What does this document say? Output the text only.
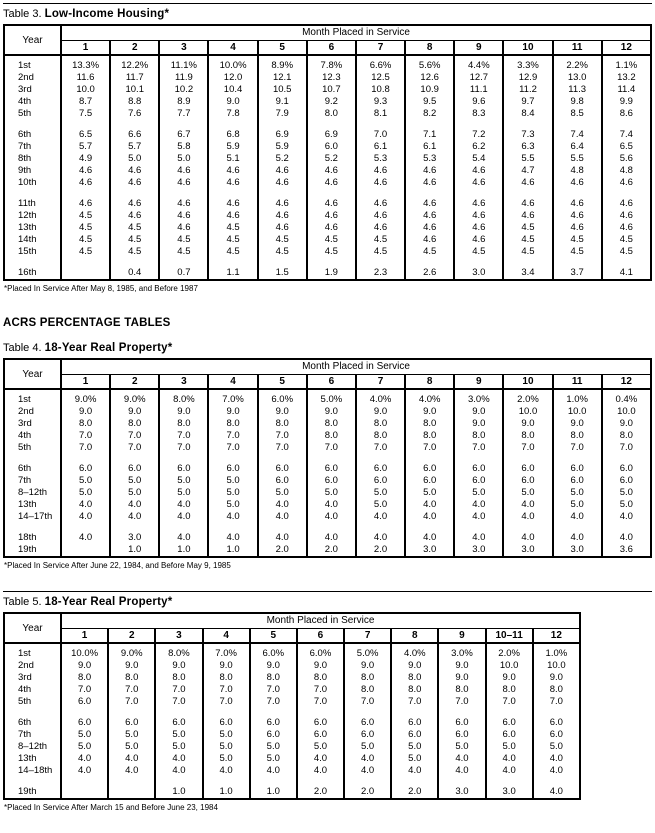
Table 3. Low-Income Housing*

Year	Month Placed in Service											
	1	2	3	4	5	6	7	8	9	10	11	12
1st	13.3%	12.2%	11.1%	10.0%	8.9%	7.8%	6.6%	5.6%	4.4%	3.3%	2.2%	1.1%
2nd	11.6	11.7	11.9	12.0	12.1	12.3	12.5	12.6	12.7	12.9	13.0	13.2
3rd	10.0	10.1	10.2	10.4	10.5	10.7	10.8	10.9	11.1	11.2	11.3	11.4
4th	8.7	8.8	8.9	9.0	9.1	9.2	9.3	9.5	9.6	9.7	9.8	9.9
5th	7.5	7.6	7.7	7.8	7.9	8.0	8.1	8.2	8.3	8.4	8.5	8.6

6th	6.5	6.6	6.7	6.8	6.9	6.9	7.0	7.1	7.2	7.3	7.4	7.4
7th	5.7	5.7	5.8	5.9	5.9	6.0	6.1	6.1	6.2	6.3	6.4	6.5
8th	4.9	5.0	5.0	5.1	5.2	5.2	5.3	5.3	5.4	5.5	5.5	5.6
9th	4.6	4.6	4.6	4.6	4.6	4.6	4.6	4.6	4.6	4.7	4.8	4.8
10th	4.6	4.6	4.6	4.6	4.6	4.6	4.6	4.6	4.6	4.6	4.6	4.6

11th	4.6	4.6	4.6	4.6	4.6	4.6	4.6	4.6	4.6	4.6	4.6	4.6
12th	4.5	4.6	4.6	4.6	4.6	4.6	4.6	4.6	4.6	4.6	4.6	4.6
13th	4.5	4.5	4.6	4.5	4.6	4.6	4.6	4.6	4.6	4.5	4.6	4.6
14th	4.5	4.5	4.5	4.5	4.5	4.5	4.5	4.6	4.6	4.5	4.5	4.5
15th	4.5	4.5	4.5	4.5	4.5	4.5	4.5	4.5	4.5	4.5	4.5	4.5

16th		0.4	0.7	1.1	1.5	1.9	2.3	2.6	3.0	3.4	3.7	4.1

*Placed In Service After May 8, 1985, and Before 1987

ACRS PERCENTAGE TABLES

Table 4. 18-Year Real Property*

Year	Month Placed in Service											
	1	2	3	4	5	6	7	8	9	10	11	12
1st	9.0%	9.0%	8.0%	7.0%	6.0%	5.0%	4.0%	4.0%	3.0%	2.0%	1.0%	0.4%
2nd	9.0	9.0	9.0	9.0	9.0	9.0	9.0	9.0	9.0	10.0	10.0	10.0
3rd	8.0	8.0	8.0	8.0	8.0	8.0	8.0	8.0	9.0	9.0	9.0	9.0
4th	7.0	7.0	7.0	7.0	7.0	8.0	8.0	8.0	8.0	8.0	8.0	8.0
5th	7.0	7.0	7.0	7.0	7.0	7.0	7.0	7.0	7.0	7.0	7.0	7.0

6th	6.0	6.0	6.0	6.0	6.0	6.0	6.0	6.0	6.0	6.0	6.0	6.0
7th	5.0	5.0	5.0	5.0	6.0	6.0	6.0	6.0	6.0	6.0	6.0	6.0
8–12th	5.0	5.0	5.0	5.0	5.0	5.0	5.0	5.0	5.0	5.0	5.0	5.0
13th	4.0	4.0	4.0	5.0	4.0	4.0	5.0	4.0	4.0	4.0	5.0	5.0
14–17th	4.0	4.0	4.0	4.0	4.0	4.0	4.0	4.0	4.0	4.0	4.0	4.0

18th	4.0	3.0	4.0	4.0	4.0	4.0	4.0	4.0	4.0	4.0	4.0	4.0
19th		1.0	1.0	1.0	2.0	2.0	2.0	3.0	3.0	3.0	3.0	3.6

*Placed In Service After June 22, 1984, and Before May 9, 1985

Table 5. 18-Year Real Property*

Year	Month Placed in Service										
	1	2	3	4	5	6	7	8	9	10–11	12
1st	10.0%	9.0%	8.0%	7.0%	6.0%	6.0%	5.0%	4.0%	3.0%	2.0%	1.0%
2nd	9.0	9.0	9.0	9.0	9.0	9.0	9.0	9.0	9.0	10.0	10.0
3rd	8.0	8.0	8.0	8.0	8.0	8.0	8.0	8.0	9.0	9.0	9.0
4th	7.0	7.0	7.0	7.0	7.0	7.0	8.0	8.0	8.0	8.0	8.0
5th	6.0	7.0	7.0	7.0	7.0	7.0	7.0	7.0	7.0	7.0	7.0

6th	6.0	6.0	6.0	6.0	6.0	6.0	6.0	6.0	6.0	6.0	6.0
7th	5.0	5.0	5.0	5.0	6.0	6.0	6.0	6.0	6.0	6.0	6.0
8–12th	5.0	5.0	5.0	5.0	5.0	5.0	5.0	5.0	5.0	5.0	5.0
13th	4.0	4.0	4.0	5.0	5.0	4.0	4.0	5.0	4.0	4.0	4.0
14–18th	4.0	4.0	4.0	4.0	4.0	4.0	4.0	4.0	4.0	4.0	4.0

19th			1.0	1.0	1.0	2.0	2.0	2.0	3.0	3.0	4.0

*Placed In Service After March 15 and Before June 23, 1984
